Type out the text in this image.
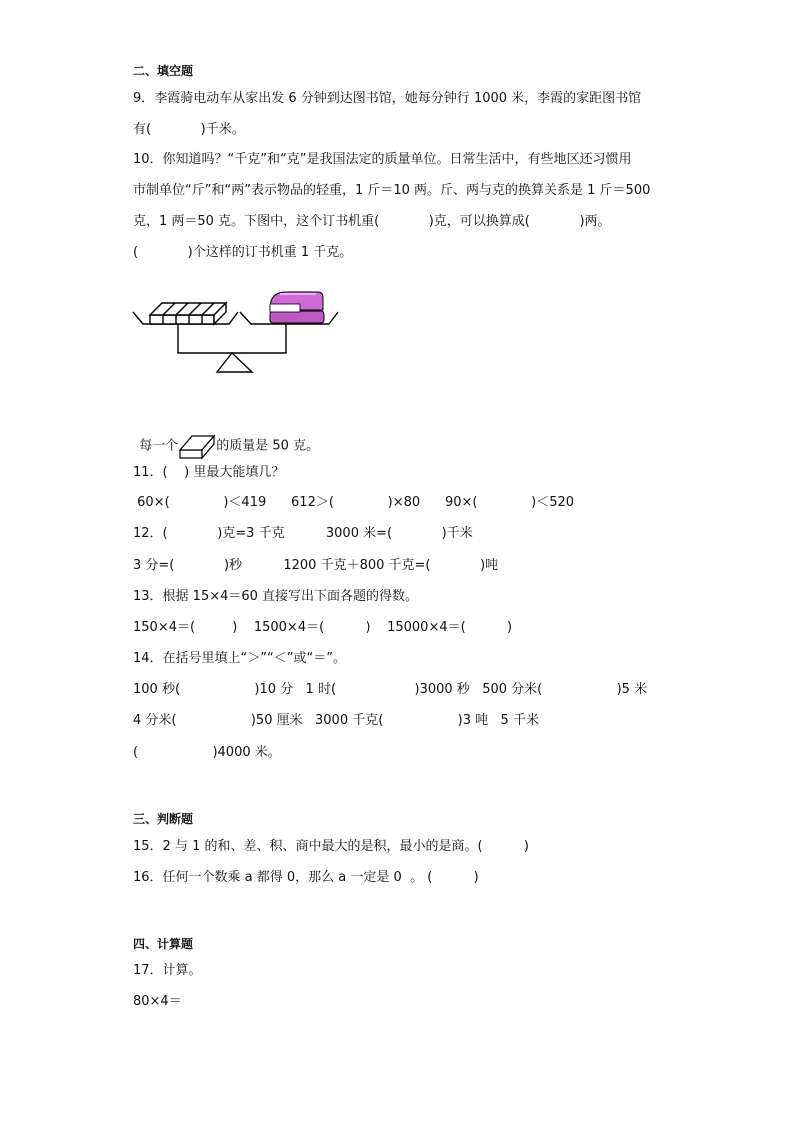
二、填空题
9．李霞骑电动车从家出发 6 分钟到达图书馆，她每分钟行 1000 米，李霞的家距图书馆
有(            )千米。
10．你知道吗？“千克”和“克”是我国法定的质量单位。日常生活中，有些地区还习惯用
市制单位“斤”和“两”表示物品的轻重，1 斤＝10 两。斤、两与克的换算关系是 1 斤＝500
克，1 两＝50 克。下图中，这个订书机重(            )克，可以换算成(            )两。
(            )个这样的订书机重 1 千克。

每一个	的质量是 50 克。

11．(    ) 里最大能填几？
60×(             )＜419      612＞(             )×80      90×(             )＜520
12．(            )克=3 千克          3000 米=(            )千米
3 分=(            )秒          1200 千克＋800 千克=(            )吨
13．根据 15×4＝60 直接写出下面各题的得数。
150×4＝(         )    1500×4＝(          )    15000×4＝(          )
14．在括号里填上“＞”“＜”或“＝”。
100 秒(                  )10 分   1 时(                   )3000 秒   500 分米(                  )5 米
4 分米(                  )50 厘米   3000 千克(                  )3 吨   5 千米
(                  )4000 米。
三、判断题
15．2 与 1 的和、差、积、商中最大的是积，最小的是商。(          )
16．任何一个数乘 a 都得 0，那么 a 一定是 0  。 (          )
四、计算题
17．计算。
80×4＝
